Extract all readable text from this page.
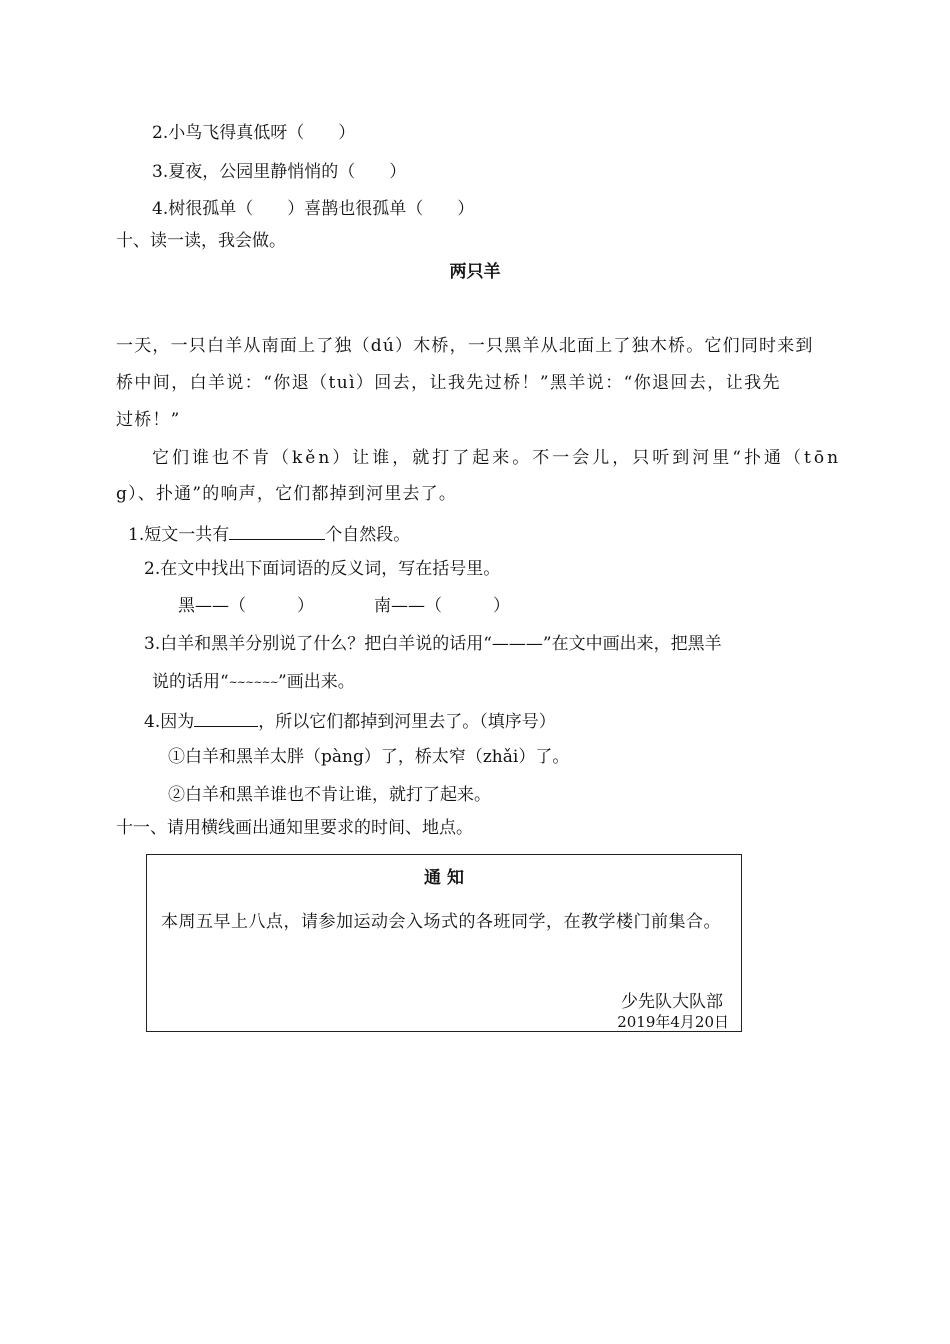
2.小鸟飞得真低呀（　　）
3.夏夜，公园里静悄悄的（　　）
4.树很孤单（　　）喜鹊也很孤单（　　）
十、读一读，我会做。
两只羊
一天，一只白羊从南面上了独（dú）木桥，一只黑羊从北面上了独木桥。它们同时来到
桥中间，白羊说：“你退（tuì）回去，让我先过桥！”黑羊说：“你退回去，让我先
过桥！”
它们谁也不肯（kěn）让谁，就打了起来。不一会儿，只听到河里“扑通（tōn
g）、扑通”的响声，它们都掉到河里去了。
1.短文一共有	个自然段。
2.在文中找出下面词语的反义词，写在括号里。
黑——（　　　）	南——（　　　）
3.白羊和黑羊分别说了什么？把白羊说的话用“———”在文中画出来，把黑羊
说的话用“~~~~~~”画出来。
4.因为	，所以它们都掉到河里去了。（填序号）
①白羊和黑羊太胖（pàng）了，桥太窄（zhǎi）了。
②白羊和黑羊谁也不肯让谁，就打了起来。
十一、请用横线画出通知里要求的时间、地点。
通 知
本周五早上八点，请参加运动会入场式的各班同学，在教学楼门前集合。
少先队大队部
2019年4月20日
